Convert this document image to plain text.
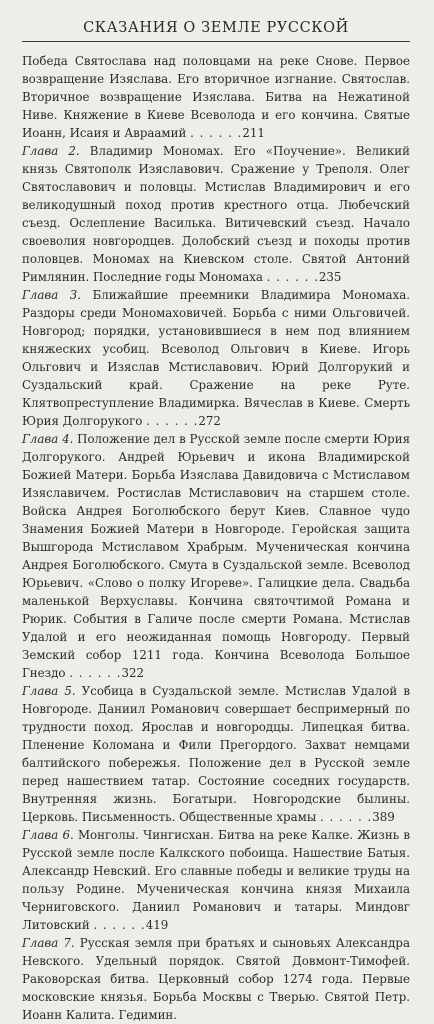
СКАЗАНИЯ О ЗЕМЛЕ РУССКОЙ

Победа Святослава над половцами на реке Снове. Первое возвращение Изяслава. Его вторичное изгнание. Святослав. Вторичное возвращение Изяслава. Битва на Нежатиной Ниве. Княжение в Киеве Всеволода и его кончина. Святые Иоанн, Исаия и Авраамий . . . . . .211

Глава 2. Владимир Мономах. Его «Поучение». Великий князь Святополк Изяславович. Сражение у Треполя. Олег Святославович и половцы. Мстислав Владимирович и его великодушный поход против крестного отца. Любечский съезд. Ослепление Василька. Витичевский съезд. Начало своеволия новгородцев. Долобский съезд и походы против половцев. Мономах на Киевском столе. Святой Антоний Римлянин. Последние годы Мономаха . . . . . .235

Глава 3. Ближайшие преемники Владимира Мономаха. Раздоры среди Мономаховичей. Борьба с ними Ольговичей. Новгород; порядки, установившиеся в нем под влиянием княжеских усобиц. Всеволод Ольгович в Киеве. Игорь Ольгович и Изяслав Мстиславович. Юрий Долгорукий и Суздальский край. Сражение на реке Руте. Клятвопреступление Владимирка. Вячеслав в Киеве. Смерть Юрия Долгорукого . . . . . .272

Глава 4. Положение дел в Русской земле после смерти Юрия Долгорукого. Андрей Юрьевич и икона Владимирской Божией Матери. Борьба Изяслава Давидовича с Мстиславом Изяславичем. Ростислав Мстиславович на старшем столе. Войска Андрея Боголюбского берут Киев. Славное чудо Знамения Божией Матери в Новгороде. Геройская защита Вышгорода Мстиславом Храбрым. Мученическая кончина Андрея Боголюбского. Смута в Суздальской земле. Всеволод Юрьевич. «Слово о полку Игореве». Галицкие дела. Свадьба маленькой Верхуславы. Кончина святочтимой Романа и Рюрик. События в Галиче после смерти Романа. Мстислав Удалой и его неожиданная помощь Новгороду. Первый Земский собор 1211 года. Кончина Всеволода Большое Гнездо . . . . . .322

Глава 5. Усобица в Суздальской земле. Мстислав Удалой в Новгороде. Даниил Романович совершает беспримерный по трудности поход. Ярослав и новгородцы. Липецкая битва. Пленение Коломана и Фили Прегордого. Захват немцами балтийского побережья. Положение дел в Русской земле перед нашествием татар. Состояние соседних государств. Внутренняя жизнь. Богатыри. Новгородские былины. Церковь. Письменность. Общественные храмы . . . . . .389

Глава 6. Монголы. Чингисхан. Битва на реке Калке. Жизнь в Русской земле после Калкского побоища. Нашествие Батыя. Александр Невский. Его славные победы и великие труды на пользу Родине. Мученическая кончина князя Михаила Черниговского. Даниил Романович и татары. Миндовг Литовский . . . . . .419

Глава 7. Русская земля при братьях и сыновьях Александра Невского. Удельный порядок. Святой Довмонт-Тимофей. Раковорская битва. Церковный собор 1274 года. Первые московские князья. Борьба Москвы с Тверью. Святой Петр. Иоанн Калита. Гедимин.
